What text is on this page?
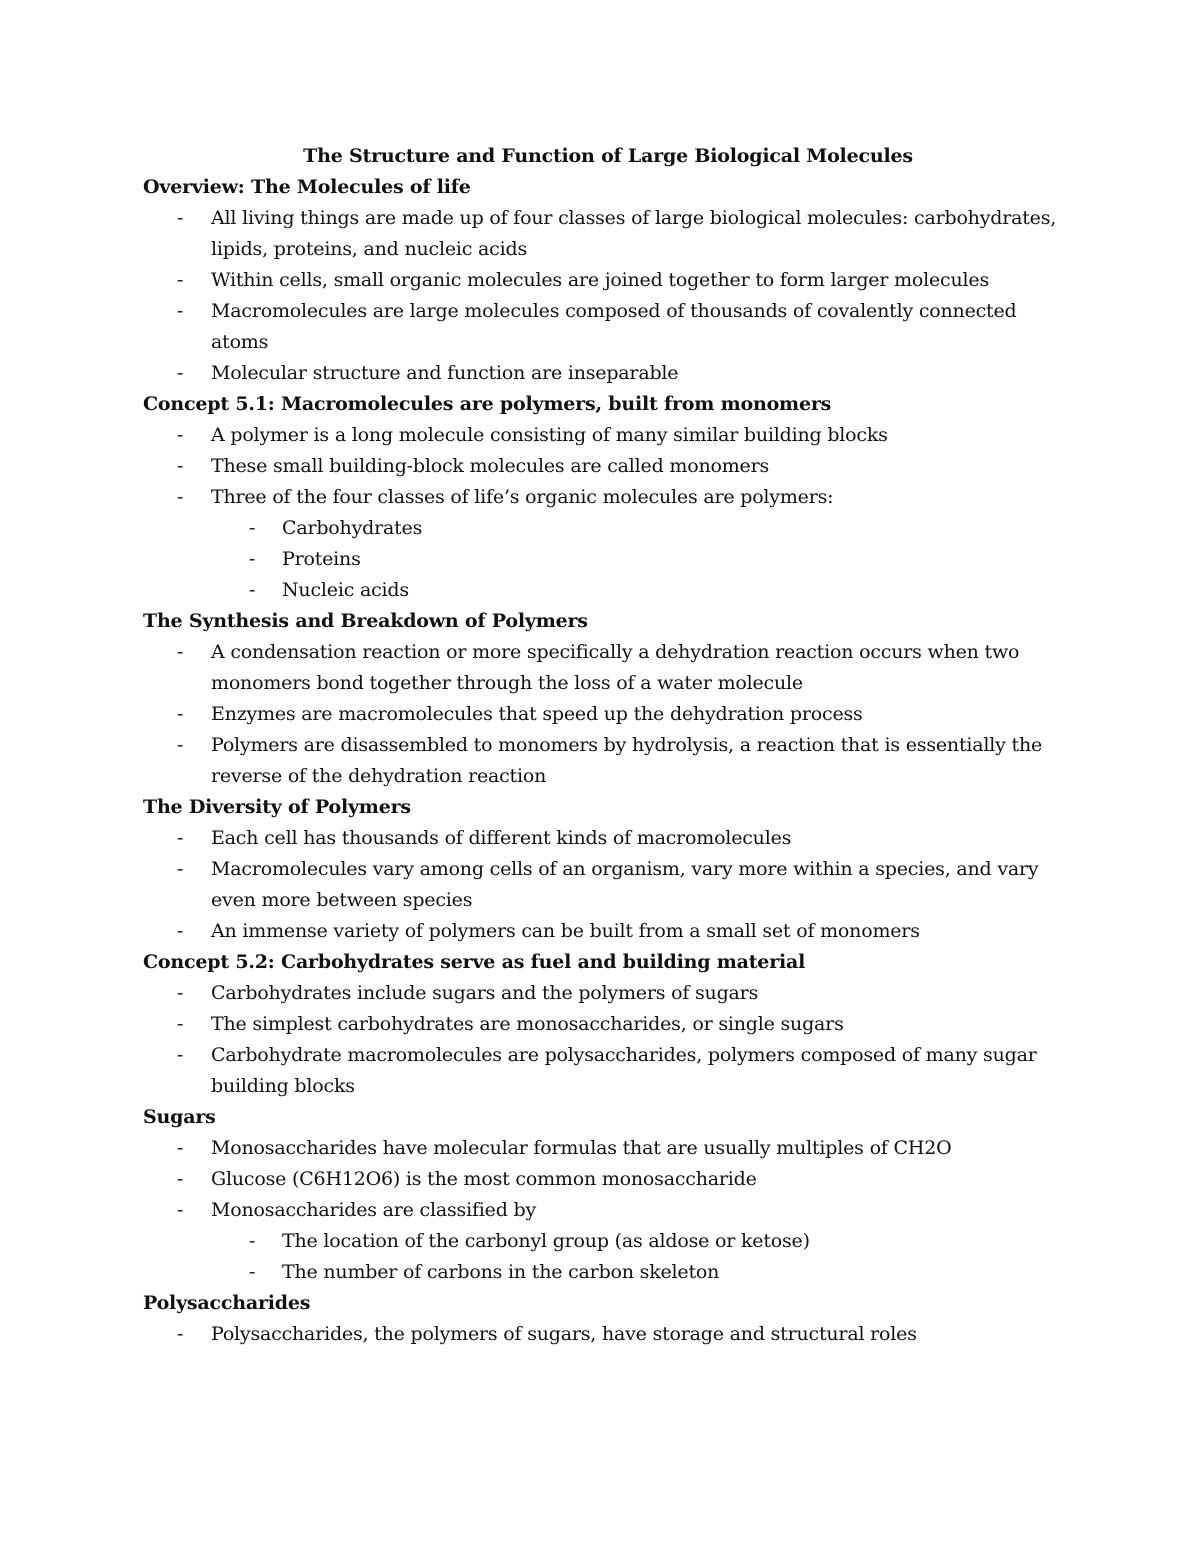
The Structure and Function of Large Biological Molecules

Overview: The Molecules of life

- All living things are made up of four classes of large biological molecules: carbohydrates, lipids, proteins, and nucleic acids
- Within cells, small organic molecules are joined together to form larger molecules
- Macromolecules are large molecules composed of thousands of covalently connected atoms
- Molecular structure and function are inseparable

Concept 5.1: Macromolecules are polymers, built from monomers

- A polymer is a long molecule consisting of many similar building blocks
- These small building-block molecules are called monomers
- Three of the four classes of life’s organic molecules are polymers:
- Carbohydrates
- Proteins
- Nucleic acids

The Synthesis and Breakdown of Polymers

- A condensation reaction or more specifically a dehydration reaction occurs when two monomers bond together through the loss of a water molecule
- Enzymes are macromolecules that speed up the dehydration process
- Polymers are disassembled to monomers by hydrolysis, a reaction that is essentially the reverse of the dehydration reaction

The Diversity of Polymers

- Each cell has thousands of different kinds of macromolecules
- Macromolecules vary among cells of an organism, vary more within a species, and vary even more between species
- An immense variety of polymers can be built from a small set of monomers

Concept 5.2: Carbohydrates serve as fuel and building material

- Carbohydrates include sugars and the polymers of sugars
- The simplest carbohydrates are monosaccharides, or single sugars
- Carbohydrate macromolecules are polysaccharides, polymers composed of many sugar building blocks

Sugars

- Monosaccharides have molecular formulas that are usually multiples of CH2O
- Glucose (C6H12O6) is the most common monosaccharide
- Monosaccharides are classified by
- The location of the carbonyl group (as aldose or ketose)
- The number of carbons in the carbon skeleton

Polysaccharides

- Polysaccharides, the polymers of sugars, have storage and structural roles
